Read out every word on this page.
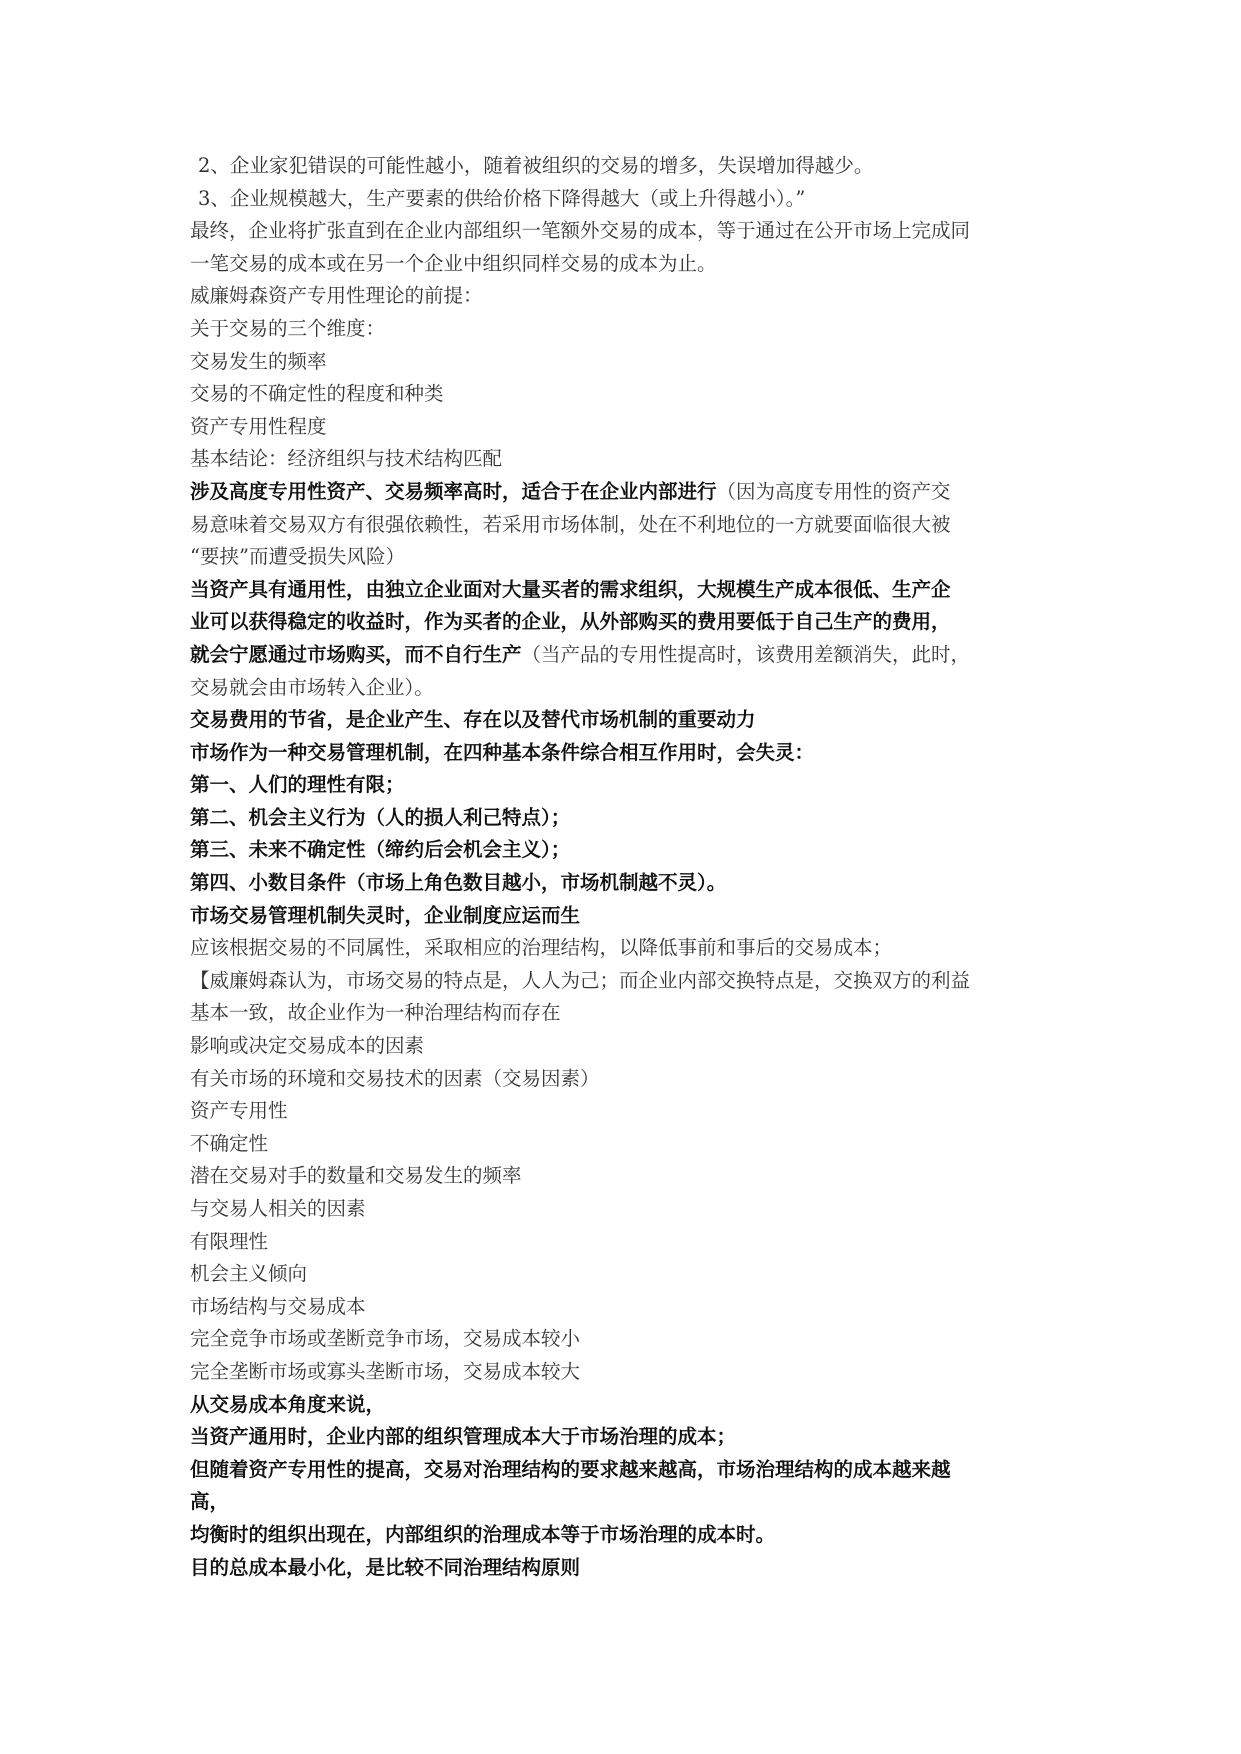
2、企业家犯错误的可能性越小，随着被组织的交易的增多，失误增加得越少。
3、企业规模越大，生产要素的供给价格下降得越大（或上升得越小）。”
最终，企业将扩张直到在企业内部组织一笔额外交易的成本，等于通过在公开市场上完成同
一笔交易的成本或在另一个企业中组织同样交易的成本为止。
威廉姆森资产专用性理论的前提：
关于交易的三个维度：
交易发生的频率
交易的不确定性的程度和种类
资产专用性程度
基本结论：经济组织与技术结构匹配
涉及高度专用性资产、交易频率高时，适合于在企业内部进行（因为高度专用性的资产交
易意味着交易双方有很强依赖性，若采用市场体制，处在不利地位的一方就要面临很大被
“要挟”而遭受损失风险）
当资产具有通用性，由独立企业面对大量买者的需求组织，大规模生产成本很低、生产企
业可以获得稳定的收益时，作为买者的企业，从外部购买的费用要低于自己生产的费用，
就会宁愿通过市场购买，而不自行生产（当产品的专用性提高时，该费用差额消失，此时，
交易就会由市场转入企业）。
交易费用的节省，是企业产生、存在以及替代市场机制的重要动力
市场作为一种交易管理机制，在四种基本条件综合相互作用时，会失灵：
第一、人们的理性有限；
第二、机会主义行为（人的损人利己特点）；
第三、未来不确定性（缔约后会机会主义）；
第四、小数目条件（市场上角色数目越小，市场机制越不灵）。
市场交易管理机制失灵时，企业制度应运而生
应该根据交易的不同属性，采取相应的治理结构，以降低事前和事后的交易成本；
【威廉姆森认为，市场交易的特点是，人人为己；而企业内部交换特点是，交换双方的利益
基本一致，故企业作为一种治理结构而存在
影响或决定交易成本的因素
有关市场的环境和交易技术的因素（交易因素）
资产专用性
不确定性
潜在交易对手的数量和交易发生的频率
与交易人相关的因素
有限理性
机会主义倾向
市场结构与交易成本
完全竞争市场或垄断竞争市场，交易成本较小
完全垄断市场或寡头垄断市场，交易成本较大
从交易成本角度来说，
当资产通用时，企业内部的组织管理成本大于市场治理的成本；
但随着资产专用性的提高，交易对治理结构的要求越来越高，市场治理结构的成本越来越
高，
均衡时的组织出现在，内部组织的治理成本等于市场治理的成本时。
目的总成本最小化，是比较不同治理结构原则
